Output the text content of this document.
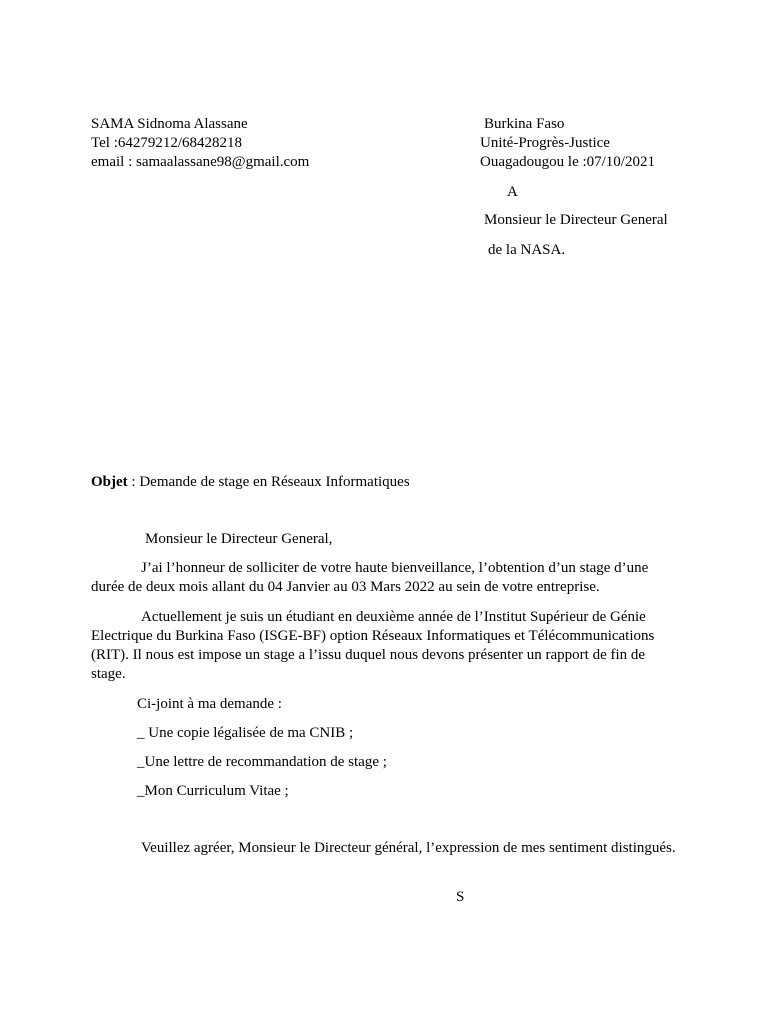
SAMA Sidnoma Alassane
Tel :64279212/68428218
email : samaalassane98@gmail.com
Burkina Faso
Unité-Progrès-Justice
Ouagadougou le :07/10/2021
A
Monsieur le Directeur General
de la NASA.
Objet : Demande de stage en Réseaux Informatiques
Monsieur le Directeur General,

J’ai l’honneur de solliciter de votre haute bienveillance, l’obtention d’un stage d’une durée de deux mois allant du 04 Janvier au 03 Mars 2022 au sein de votre entreprise.

Actuellement je suis un étudiant en deuxième année de l’Institut Supérieur de Génie Electrique du Burkina Faso (ISGE-BF) option Réseaux Informatiques et Télécommunications (RIT). Il nous est impose un stage a l’issu duquel nous devons présenter un rapport de fin de stage.

Ci-joint à ma demande :
_ Une copie légalisée de ma CNIB ;
_Une lettre de recommandation de stage ;
_Mon Curriculum Vitae ;

Veuillez agréer, Monsieur le Directeur général, l’expression de mes sentiment distingués.

S
